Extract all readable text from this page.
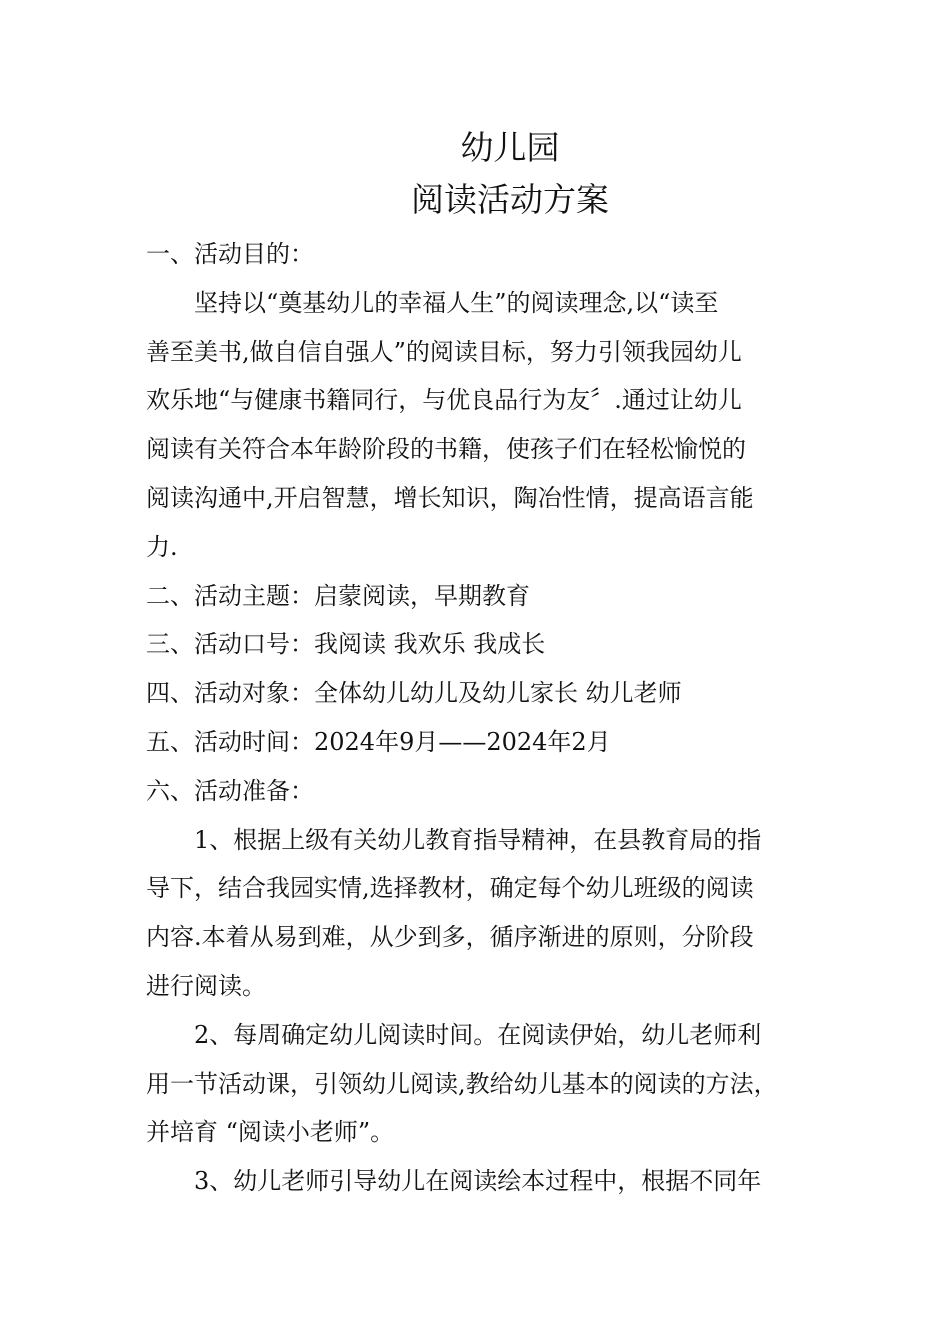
幼儿园
阅读活动方案
一、活动目的：
坚持以“奠基幼儿的幸福人生”的阅读理念,以“读至
善至美书,做自信自强人”的阅读目标，努力引领我园幼儿
欢乐地“与健康书籍同行，与优良品行为友〞.通过让幼儿
阅读有关符合本年龄阶段的书籍，使孩子们在轻松愉悦的
阅读沟通中,开启智慧，增长知识，陶冶性情，提高语言能
力.
二、活动主题：启蒙阅读，早期教育
三、活动口号：我阅读 我欢乐 我成长
四、活动对象：全体幼儿幼儿及幼儿家长 幼儿老师
五、活动时间：2024年9月——2024年2月
六、活动准备：
1、根据上级有关幼儿教育指导精神，在县教育局的指
导下，结合我园实情,选择教材，确定每个幼儿班级的阅读
内容.本着从易到难，从少到多，循序渐进的原则，分阶段
进行阅读。
2、每周确定幼儿阅读时间。在阅读伊始，幼儿老师利
用一节活动课，引领幼儿阅读,教给幼儿基本的阅读的方法，
并培育 “阅读小老师”。
3、幼儿老师引导幼儿在阅读绘本过程中，根据不同年
